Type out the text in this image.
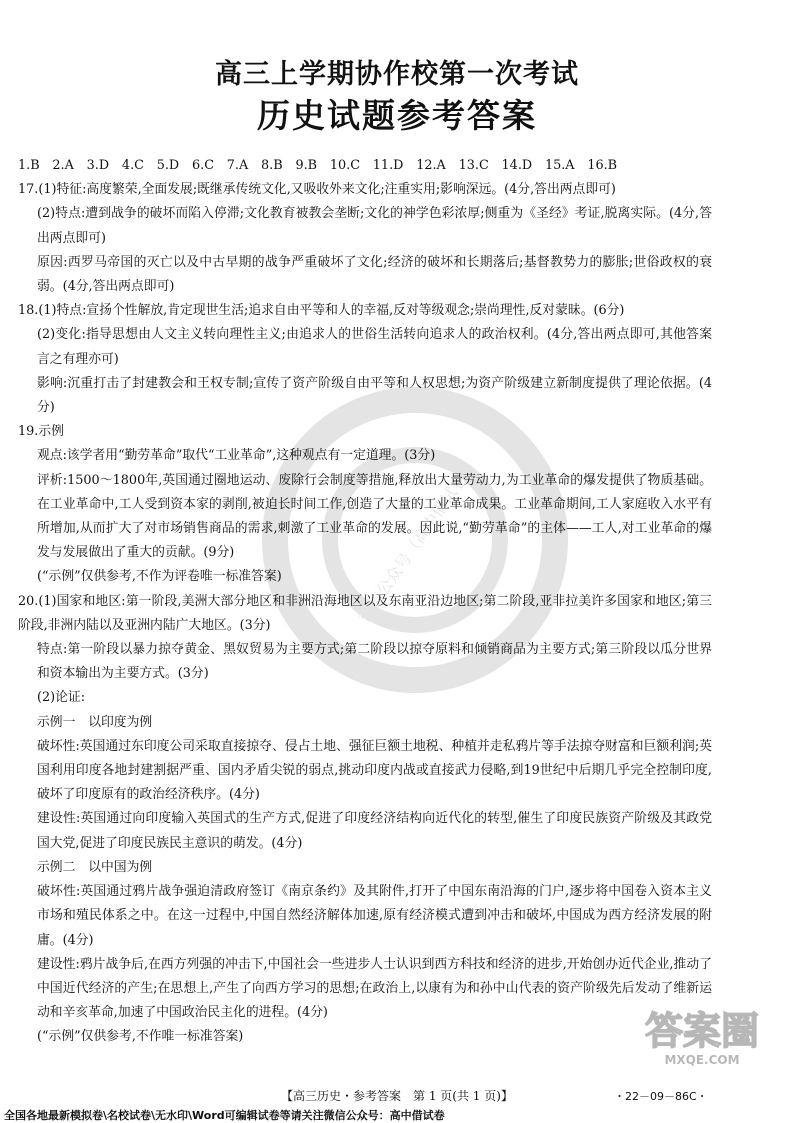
高三上学期协作校第一次考试
历史试题参考答案
微信公众号（高中借试卷）

1.B　2.A　3.D　4.C　5.D　6.C　7.A　8.B　9.B　10.C　11.D　12.A　13.C　14.D　15.A　16.B

17.(1)特征:高度繁荣,全面发展;既继承传统文化,又吸收外来文化;注重实用;影响深远。(4分,答出两点即可)

(2)特点:遭到战争的破坏而陷入停滞;文化教育被教会垄断;文化的神学色彩浓厚;侧重为《圣经》考证,脱离实际。(4分,答出两点即可)

原因:西罗马帝国的灭亡以及中古早期的战争严重破坏了文化;经济的破坏和长期落后;基督教势力的膨胀;世俗政权的衰弱。(4分,答出两点即可)

18.(1)特点:宣扬个性解放,肯定现世生活;追求自由平等和人的幸福,反对等级观念;崇尚理性,反对蒙昧。(6分)

(2)变化:指导思想由人文主义转向理性主义;由追求人的世俗生活转向追求人的政治权利。(4分,答出两点即可,其他答案言之有理亦可)

影响:沉重打击了封建教会和王权专制;宣传了资产阶级自由平等和人权思想;为资产阶级建立新制度提供了理论依据。(4分)

19.示例

观点:该学者用“勤劳革命”取代“工业革命”,这种观点有一定道理。(3分)

评析:1500～1800年,英国通过圈地运动、废除行会制度等措施,释放出大量劳动力,为工业革命的爆发提供了物质基础。在工业革命中,工人受到资本家的剥削,被迫长时间工作,创造了大量的工业革命成果。工业革命期间,工人家庭收入水平有所增加,从而扩大了对市场销售商品的需求,刺激了工业革命的发展。因此说,“勤劳革命”的主体——工人,对工业革命的爆发与发展做出了重大的贡献。(9分)

(“示例”仅供参考,不作为评卷唯一标准答案)

20.(1)国家和地区:第一阶段,美洲大部分地区和非洲沿海地区以及东南亚沿边地区;第二阶段,亚非拉美许多国家和地区;第三阶段,非洲内陆以及亚洲内陆广大地区。(3分)

特点:第一阶段以暴力掠夺黄金、黑奴贸易为主要方式;第二阶段以掠夺原料和倾销商品为主要方式;第三阶段以瓜分世界和资本输出为主要方式。(3分)

(2)论证:

示例一　以印度为例

破坏性:英国通过东印度公司采取直接掠夺、侵占土地、强征巨额土地税、种植并走私鸦片等手法掠夺财富和巨额利润;英国利用印度各地封建割据严重、国内矛盾尖锐的弱点,挑动印度内战或直接武力侵略,到19世纪中后期几乎完全控制印度,破坏了印度原有的政治经济秩序。(4分)

建设性:英国通过向印度输入英国式的生产方式,促进了印度经济结构向近代化的转型,催生了印度民族资产阶级及其政党国大党,促进了印度民族民主意识的萌发。(4分)

示例二　以中国为例

破坏性:英国通过鸦片战争强迫清政府签订《南京条约》及其附件,打开了中国东南沿海的门户,逐步将中国卷入资本主义市场和殖民体系之中。在这一过程中,中国自然经济解体加速,原有经济模式遭到冲击和破坏,中国成为西方经济发展的附庸。(4分)

建设性:鸦片战争后,在西方列强的冲击下,中国社会一些进步人士认识到西方科技和经济的进步,开始创办近代企业,推动了中国近代经济的产生;在思想上,产生了向西方学习的思想;在政治上,以康有为和孙中山代表的资产阶级先后发动了维新运动和辛亥革命,加速了中国政治民主化的进程。(4分)

(“示例”仅供参考,不作唯一标准答案)	答案圈
MXQE.COM
【高三历史・参考答案　第 1 页(共 1 页)】	・22－09－86C・
全国各地最新模拟卷\名校试卷\无水印\Word可编辑试卷等请关注微信公众号：高中借试卷
